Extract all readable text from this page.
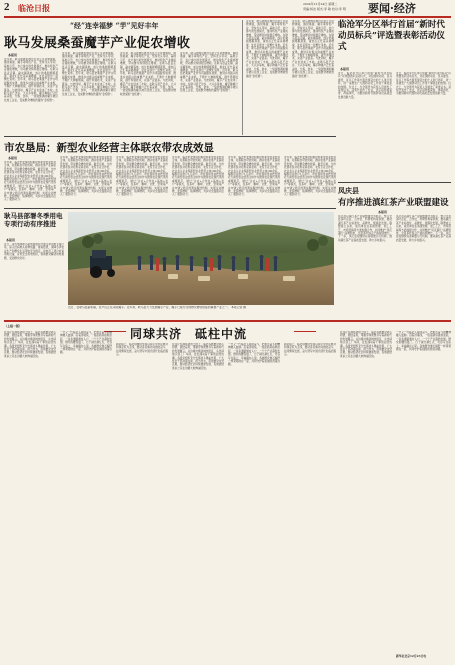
2 临沧日报	2024年12月24日 星期二
责编:杨洁 版式:李 敏 校对:李 明 要闻·经济
“经”连幸福梦 “芋”见好丰年
耿马发展桑蚕魔芋产业促农增收
本报讯
近年来，耿马傣族佤族自治县立足资源禀赋，围绕桑蚕、魔芋等特色产业，坚持龙头带动、基地示范、农户参与的发展模式，推动特色产业提质增效，带动群众持续稳定增收。在耿马县孟定镇、勐永镇等地，成片的桑园郁郁葱葱，蚕农们正忙着采桑喂蚕，处处呈现出一派繁忙景象。近年来，耿马县把桑蚕产业作为巩固脱贫成果、推进乡村振兴的重要产业来抓，不断扩大种植规模，提升养殖技术，完善产业链条。与此同时，魔芋产业也迎来了丰收。在耿马县芒洪乡、大兴乡等地，魔芋种植户正忙着采收、分拣、装车，一袋袋饱满的魔芋被运往加工企业，变成群众增收致富的“金疙瘩”。
近年来，耿马傣族佤族自治县立足资源禀赋，围绕桑蚕、魔芋等特色产业，坚持龙头带动、基地示范、农户参与的发展模式，推动特色产业提质增效，带动群众持续稳定增收。在耿马县孟定镇、勐永镇等地，成片的桑园郁郁葱葱，蚕农们正忙着采桑喂蚕，处处呈现出一派繁忙景象。近年来，耿马县把桑蚕产业作为巩固脱贫成果、推进乡村振兴的重要产业来抓，不断扩大种植规模，提升养殖技术，完善产业链条。与此同时，魔芋产业也迎来了丰收。在耿马县芒洪乡、大兴乡等地，魔芋种植户正忙着采收、分拣、装车，一袋袋饱满的魔芋被运往加工企业，变成群众增收致富的“金疙瘩”。
近年来，耿马傣族佤族自治县立足资源禀赋，围绕桑蚕、魔芋等特色产业，坚持龙头带动、基地示范、农户参与的发展模式，推动特色产业提质增效，带动群众持续稳定增收。在耿马县孟定镇、勐永镇等地，成片的桑园郁郁葱葱，蚕农们正忙着采桑喂蚕，处处呈现出一派繁忙景象。近年来，耿马县把桑蚕产业作为巩固脱贫成果、推进乡村振兴的重要产业来抓，不断扩大种植规模，提升养殖技术，完善产业链条。与此同时，魔芋产业也迎来了丰收。在耿马县芒洪乡、大兴乡等地，魔芋种植户正忙着采收、分拣、装车，一袋袋饱满的魔芋被运往加工企业，变成群众增收致富的“金疙瘩”。
近年来，耿马傣族佤族自治县立足资源禀赋，围绕桑蚕、魔芋等特色产业，坚持龙头带动、基地示范、农户参与的发展模式，推动特色产业提质增效，带动群众持续稳定增收。在耿马县孟定镇、勐永镇等地，成片的桑园郁郁葱葱，蚕农们正忙着采桑喂蚕，处处呈现出一派繁忙景象。近年来，耿马县把桑蚕产业作为巩固脱贫成果、推进乡村振兴的重要产业来抓，不断扩大种植规模，提升养殖技术，完善产业链条。与此同时，魔芋产业也迎来了丰收。在耿马县芒洪乡、大兴乡等地，魔芋种植户正忙着采收、分拣、装车，一袋袋饱满的魔芋被运往加工企业，变成群众增收致富的“金疙瘩”。
近年来，耿马傣族佤族自治县立足资源禀赋，围绕桑蚕、魔芋等特色产业，坚持龙头带动、基地示范、农户参与的发展模式，推动特色产业提质增效，带动群众持续稳定增收。在耿马县孟定镇、勐永镇等地，成片的桑园郁郁葱葱，蚕农们正忙着采桑喂蚕，处处呈现出一派繁忙景象。近年来，耿马县把桑蚕产业作为巩固脱贫成果、推进乡村振兴的重要产业来抓，不断扩大种植规模，提升养殖技术，完善产业链条。与此同时，魔芋产业也迎来了丰收。在耿马县芒洪乡、大兴乡等地，魔芋种植户正忙着采收、分拣、装车，一袋袋饱满的魔芋被运往加工企业，变成群众增收致富的“金疙瘩”。
近年来，耿马傣族佤族自治县立足资源禀赋，围绕桑蚕、魔芋等特色产业，坚持龙头带动、基地示范、农户参与的发展模式，推动特色产业提质增效，带动群众持续稳定增收。在耿马县孟定镇、勐永镇等地，成片的桑园郁郁葱葱，蚕农们正忙着采桑喂蚕，处处呈现出一派繁忙景象。近年来，耿马县把桑蚕产业作为巩固脱贫成果、推进乡村振兴的重要产业来抓，不断扩大种植规模，提升养殖技术，完善产业链条。与此同时，魔芋产业也迎来了丰收。在耿马县芒洪乡、大兴乡等地，魔芋种植户正忙着采收、分拣、装车，一袋袋饱满的魔芋被运往加工企业，变成群众增收致富的“金疙瘩”。
临沧军分区举行首届“新时代动员标兵”评选暨表彰活动仪式
本报讯
近日，临沧军分区举行首届“新时代动员标兵”评选暨表彰活动仪式，对在国防动员、民兵建设、征兵工作等方面表现突出的个人进行表彰，进一步激发广大国防动员工作者干事创业的热情。仪式上，与会领导为获奖人员颁发了荣誉证书。获奖代表作了发言，表示将珍惜荣誉、再接再厉，为推进新时代国防动员高质量发展贡献力量。
近日，临沧军分区举行首届“新时代动员标兵”评选暨表彰活动仪式，对在国防动员、民兵建设、征兵工作等方面表现突出的个人进行表彰，进一步激发广大国防动员工作者干事创业的热情。仪式上，与会领导为获奖人员颁发了荣誉证书。获奖代表作了发言，表示将珍惜荣誉、再接再厉，为推进新时代国防动员高质量发展贡献力量。
市农垦局：新型农业经营主体联农带农成效显
本报讯
近年来，临沧市农垦局积极培育新型农业经营主体，完善联农带农机制，推动农垦产业高质量发展，带动群众增收致富。截至目前，全市农垦系统共培育家庭农场、农民专业合作社、农业龙头企业等新型农业经营主体100余家，辐射带动农户1万余户。市农垦局坚持把发展壮大新型农业经营主体作为推进农业现代化的重要抓手，通过“企业+合作社+基地+农户”等模式，在茶叶、咖啡、甘蔗、坚果等产业中建立稳定的利益联结机制，实现企业增效、农民增收、集体增利，为乡村全面振兴注入了强劲动力。
近年来，临沧市农垦局积极培育新型农业经营主体，完善联农带农机制，推动农垦产业高质量发展，带动群众增收致富。截至目前，全市农垦系统共培育家庭农场、农民专业合作社、农业龙头企业等新型农业经营主体100余家，辐射带动农户1万余户。市农垦局坚持把发展壮大新型农业经营主体作为推进农业现代化的重要抓手，通过“企业+合作社+基地+农户”等模式，在茶叶、咖啡、甘蔗、坚果等产业中建立稳定的利益联结机制，实现企业增效、农民增收、集体增利，为乡村全面振兴注入了强劲动力。
近年来，临沧市农垦局积极培育新型农业经营主体，完善联农带农机制，推动农垦产业高质量发展，带动群众增收致富。截至目前，全市农垦系统共培育家庭农场、农民专业合作社、农业龙头企业等新型农业经营主体100余家，辐射带动农户1万余户。市农垦局坚持把发展壮大新型农业经营主体作为推进农业现代化的重要抓手，通过“企业+合作社+基地+农户”等模式，在茶叶、咖啡、甘蔗、坚果等产业中建立稳定的利益联结机制，实现企业增效、农民增收、集体增利，为乡村全面振兴注入了强劲动力。
近年来，临沧市农垦局积极培育新型农业经营主体，完善联农带农机制，推动农垦产业高质量发展，带动群众增收致富。截至目前，全市农垦系统共培育家庭农场、农民专业合作社、农业龙头企业等新型农业经营主体100余家，辐射带动农户1万余户。市农垦局坚持把发展壮大新型农业经营主体作为推进农业现代化的重要抓手，通过“企业+合作社+基地+农户”等模式，在茶叶、咖啡、甘蔗、坚果等产业中建立稳定的利益联结机制，实现企业增效、农民增收、集体增利，为乡村全面振兴注入了强劲动力。
近年来，临沧市农垦局积极培育新型农业经营主体，完善联农带农机制，推动农垦产业高质量发展，带动群众增收致富。截至目前，全市农垦系统共培育家庭农场、农民专业合作社、农业龙头企业等新型农业经营主体100余家，辐射带动农户1万余户。市农垦局坚持把发展壮大新型农业经营主体作为推进农业现代化的重要抓手，通过“企业+合作社+基地+农户”等模式，在茶叶、咖啡、甘蔗、坚果等产业中建立稳定的利益联结机制，实现企业增效、农民增收、集体增利，为乡村全面振兴注入了强劲动力。
近年来，临沧市农垦局积极培育新型农业经营主体，完善联农带农机制，推动农垦产业高质量发展，带动群众增收致富。截至目前，全市农垦系统共培育家庭农场、农民专业合作社、农业龙头企业等新型农业经营主体100余家，辐射带动农户1万余户。市农垦局坚持把发展壮大新型农业经营主体作为推进农业现代化的重要抓手，通过“企业+合作社+基地+农户”等模式，在茶叶、咖啡、甘蔗、坚果等产业中建立稳定的利益联结机制，实现企业增效、农民增收、集体增利，为乡村全面振兴注入了强劲动力。	凤庆县
有序推进滇红茶产业联盟建设
本报讯
凤庆县以滇红茶产业联盟建设为抓手，整合全县茶叶企业、合作社、科研机构等资源，推动滇红茶产业标准化、品牌化、规模化发展。联盟成立以来，成员单位在茶园管理、加工工艺、市场营销等方面加强合作，共同维护“凤庆滇红”品牌形象，全县茶叶综合产值持续增长。下一步，凤庆县将继续完善联盟运行机制，推动滇红茶产业高质量发展，助力乡村振兴。
凤庆县以滇红茶产业联盟建设为抓手，整合全县茶叶企业、合作社、科研机构等资源，推动滇红茶产业标准化、品牌化、规模化发展。联盟成立以来，成员单位在茶园管理、加工工艺、市场营销等方面加强合作，共同维护“凤庆滇红”品牌形象，全县茶叶综合产值持续增长。下一步，凤庆县将继续完善联盟运行机制，推动滇红茶产业高质量发展，助力乡村振兴。
耿马县部署冬季用电专项行动有序推进
本报讯
近日，南方电网耿马供电局组织开展冬季用电专项行动，深入田间地头检修线路、排查隐患，保障冬季农业生产和群众生活用电安全稳定。供电员工逐户检查用电设备，宣传安全用电知识，帮助群众解决用电难题，受到群众好评。
近日，在耿马县勐永镇，农户们正在采收魔芋。近年来，耿马县大力发展魔芋产业，魔芋已成为当地群众增收致富的重要产业之一。 本报记者 摄
（上接一版）
同球共济　砥柱中流
在这片充满希望的土地上，临沧各族群众同心同德、团结奋进，用勤劳和智慧书写着新时代的发展篇章。从边境村寨到城市街区，从田间地头到工厂车间，处处涌动着干事创业的热潮。各级党组织充分发挥战斗堡垒作用，广大党员干部冲锋在前、担当作为，带领群众攻坚克难，推动经济社会持续健康发展，民族团结进步之花在边疆大地绚丽绽放。
一代又一代临沧人接续奋斗，把艰苦奋斗的精神融入血脉。沿着边境线，一座座新房拔地而起，一条条道路通村入户，一个个产业蓬勃发展。群众的腰包鼓了，日子越过越红火，笑容写在脸上，幸福藏在心里。各族群众像石榴籽一样紧紧抱在一起，共同守护着祖国的西南边疆。
新征程上，临沧将继续坚持以铸牢中华民族共同体意识为主线，推动各民族共同团结奋斗、共同繁荣发展，奋力谱写中国式现代化临沧篇章。
在这片充满希望的土地上，临沧各族群众同心同德、团结奋进，用勤劳和智慧书写着新时代的发展篇章。从边境村寨到城市街区，从田间地头到工厂车间，处处涌动着干事创业的热潮。各级党组织充分发挥战斗堡垒作用，广大党员干部冲锋在前、担当作为，带领群众攻坚克难，推动经济社会持续健康发展，民族团结进步之花在边疆大地绚丽绽放。
一代又一代临沧人接续奋斗，把艰苦奋斗的精神融入血脉。沿着边境线，一座座新房拔地而起，一条条道路通村入户，一个个产业蓬勃发展。群众的腰包鼓了，日子越过越红火，笑容写在脸上，幸福藏在心里。各族群众像石榴籽一样紧紧抱在一起，共同守护着祖国的西南边疆。
新征程上，临沧将继续坚持以铸牢中华民族共同体意识为主线，推动各民族共同团结奋斗、共同繁荣发展，奋力谱写中国式现代化临沧篇章。
在这片充满希望的土地上，临沧各族群众同心同德、团结奋进，用勤劳和智慧书写着新时代的发展篇章。从边境村寨到城市街区，从田间地头到工厂车间，处处涌动着干事创业的热潮。各级党组织充分发挥战斗堡垒作用，广大党员干部冲锋在前、担当作为，带领群众攻坚克难，推动经济社会持续健康发展，民族团结进步之花在边疆大地绚丽绽放。
一代又一代临沧人接续奋斗，把艰苦奋斗的精神融入血脉。沿着边境线，一座座新房拔地而起，一条条道路通村入户，一个个产业蓬勃发展。群众的腰包鼓了，日子越过越红火，笑容写在脸上，幸福藏在心里。各族群众像石榴籽一样紧紧抱在一起，共同守护着祖国的西南边疆。
新华社北京12月23日电
